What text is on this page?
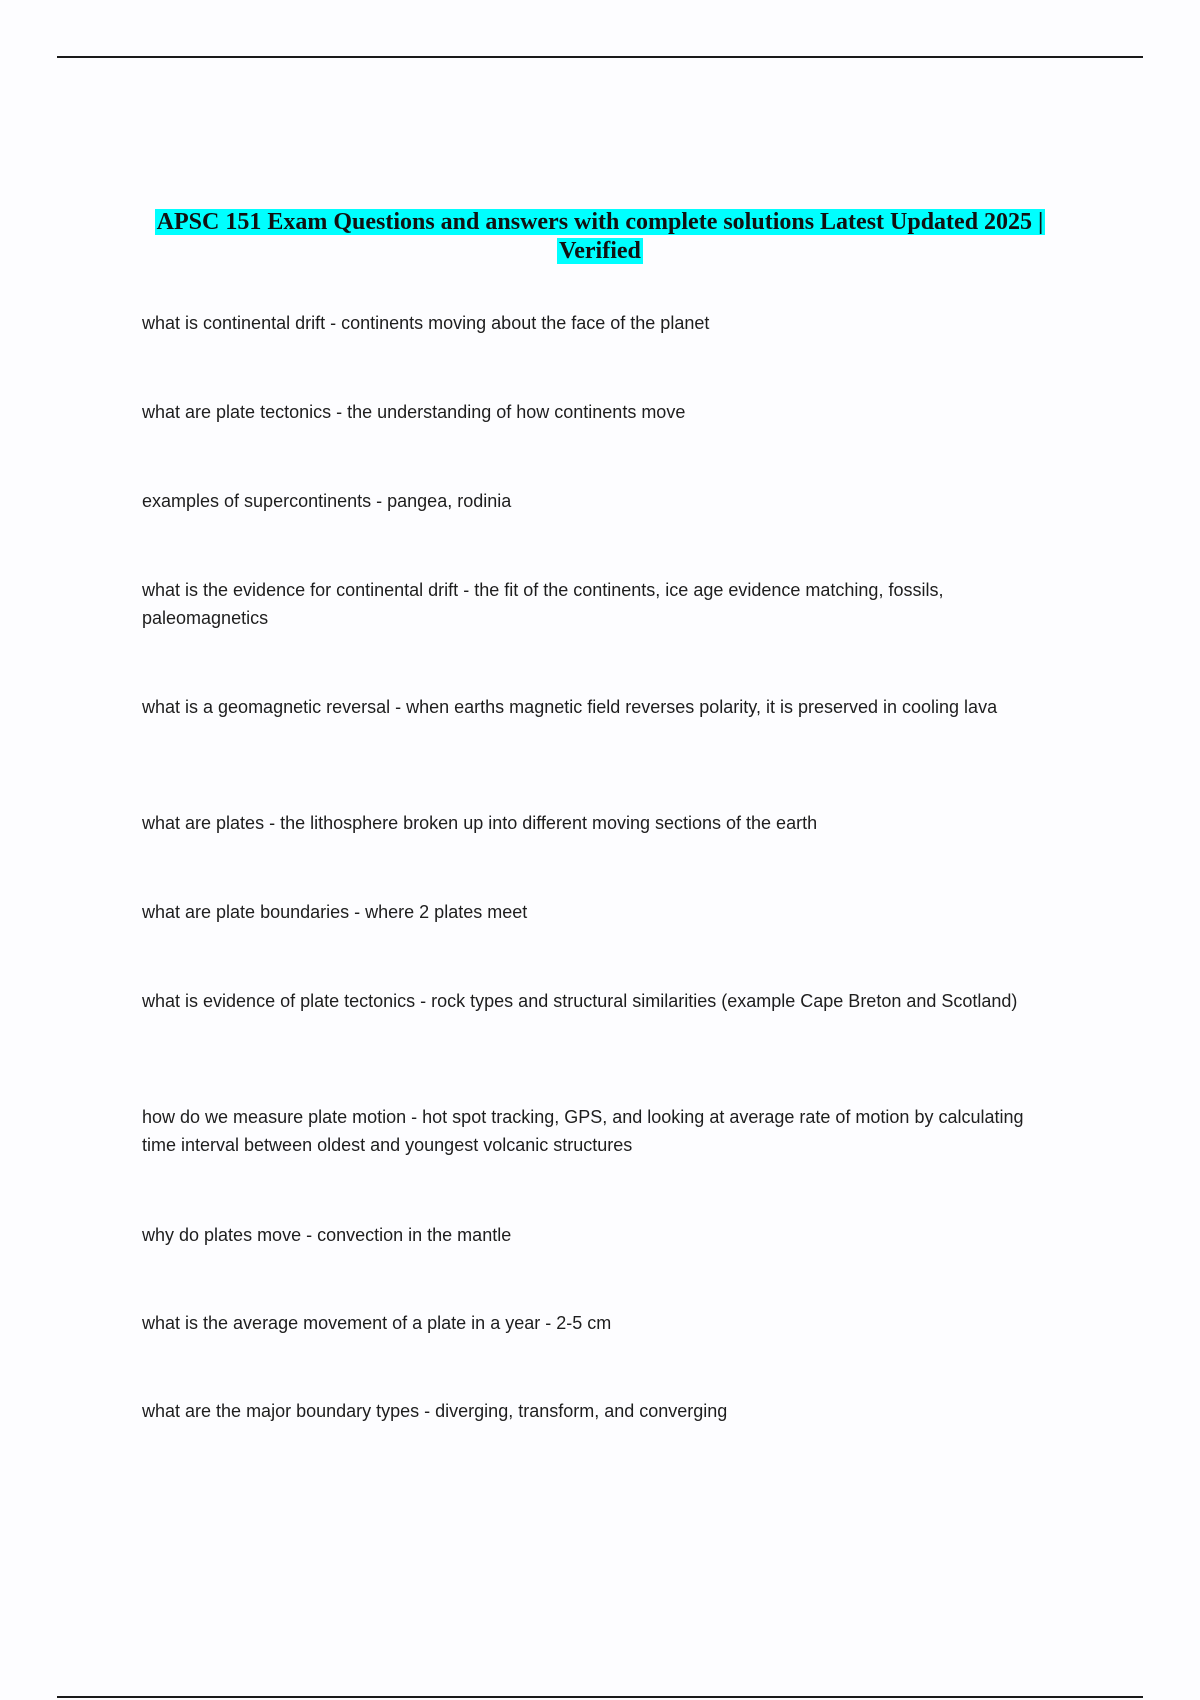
APSC 151 Exam Questions and answers with complete solutions Latest Updated 2025 | Verified

what is continental drift - continents moving about the face of the planet

what are plate tectonics - the understanding of how continents move

examples of supercontinents - pangea, rodinia

what is the evidence for continental drift - the fit of the continents, ice age evidence matching, fossils, paleomagnetics

what is a geomagnetic reversal - when earths magnetic field reverses polarity, it is preserved in cooling lava

what are plates - the lithosphere broken up into different moving sections of the earth

what are plate boundaries - where 2 plates meet

what is evidence of plate tectonics - rock types and structural similarities (example Cape Breton and Scotland)

how do we measure plate motion - hot spot tracking, GPS, and looking at average rate of motion by calculating time interval between oldest and youngest volcanic structures

why do plates move - convection in the mantle

what is the average movement of a plate in a year - 2-5 cm

what are the major boundary types - diverging, transform, and converging
